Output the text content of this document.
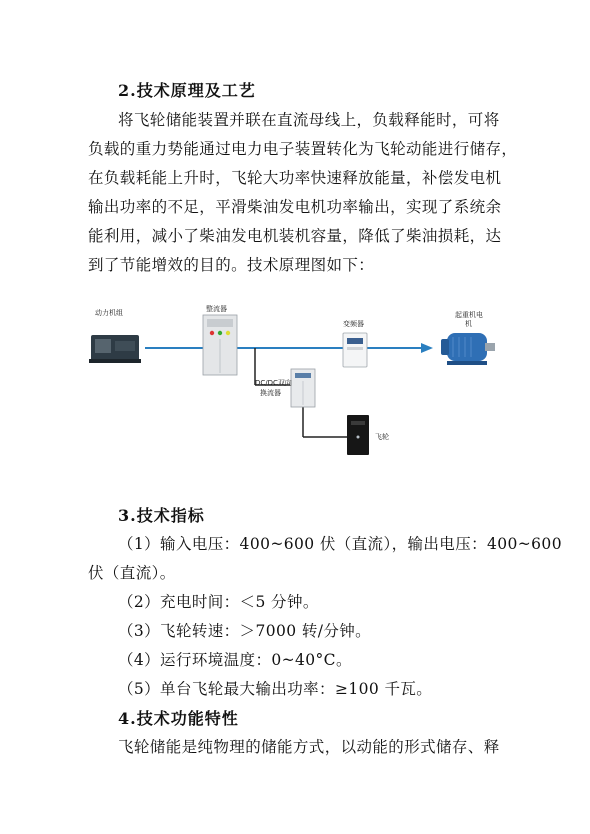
2.技术原理及工艺
将飞轮储能装置并联在直流母线上，负载释能时，可将
负载的重力势能通过电力电子装置转化为飞轮动能进行储存，
在负载耗能上升时，飞轮大功率快速释放能量，补偿发电机
输出功率的不足，平滑柴油发电机功率输出，实现了系统余
能利用，减小了柴油发电机装机容量，降低了柴油损耗，达
到了节能增效的目的。技术原理图如下：
动力机组	整流器
变频器
起重机电
机
DC/DC双向
换流器
飞轮
3.技术指标
（1）输入电压：400~600 伏（直流），输出电压：400~600
伏（直流）。
（2）充电时间：＜5 分钟。
（3）飞轮转速：＞7000 转/分钟。
（4）运行环境温度：0~40°C。
（5）单台飞轮最大输出功率：≥100 千瓦。
4.技术功能特性
飞轮储能是纯物理的储能方式，以动能的形式储存、释
